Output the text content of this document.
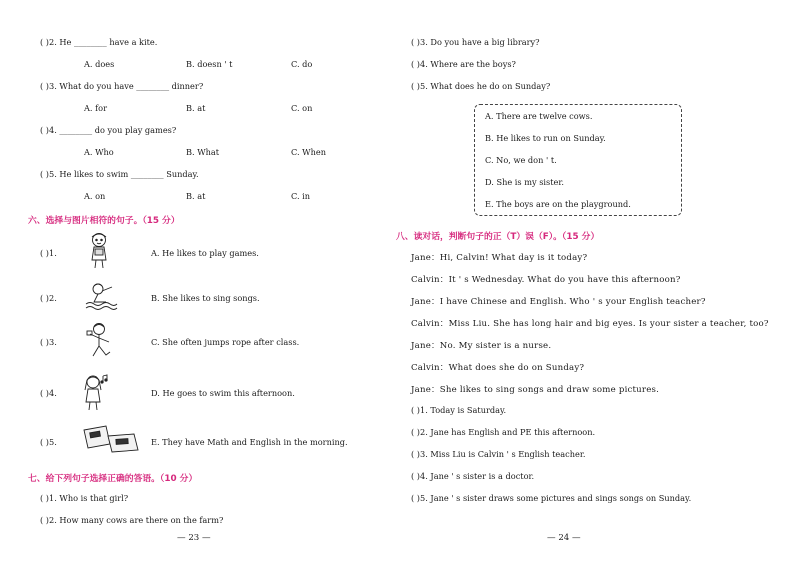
( )2. He ________ have a kite.
A. does	B. doesn ' t	C. do
( )3. What do you have ________ dinner?
A. for	B. at	C. on
( )4. ________ do you play games?
A. Who	B. What	C. When
( )5. He likes to swim ________ Sunday.
A. on	B. at	C. in
六、选择与图片相符的句子。（15 分）
( )1.	A. He likes to play games.
( )2.	B. She likes to sing songs.
( )3.	C. She often jumps rope after class.
( )4.	D. He goes to swim this afternoon.
( )5.	E. They have Math and English in the morning.
七、给下列句子选择正确的答语。（10 分）
( )1. Who is that girl?
( )2. How many cows are there on the farm?
— 23 —
( )3. Do you have a big library?
( )4. Where are the boys?
( )5. What does he do on Sunday?
A. There are twelve cows.
B. He likes to run on Sunday.
C. No, we don ' t.
D. She is my sister.
E. The boys are on the playground.
八、读对话，判断句子的正（T）误（F）。（15 分）
Jane：Hi, Calvin! What day is it today?
Calvin：It ' s Wednesday. What do you have this afternoon?
Jane：I have Chinese and English. Who ' s your English teacher?
Calvin：Miss Liu. She has long hair and big eyes. Is your sister a teacher, too?
Jane：No. My sister is a nurse.
Calvin：What does she do on Sunday?
Jane：She likes to sing songs and draw some pictures.
( )1. Today is Saturday.
( )2. Jane has English and PE this afternoon.
( )3. Miss Liu is Calvin ' s English teacher.
( )4. Jane ' s sister is a doctor.
( )5. Jane ' s sister draws some pictures and sings songs on Sunday.
— 24 —
